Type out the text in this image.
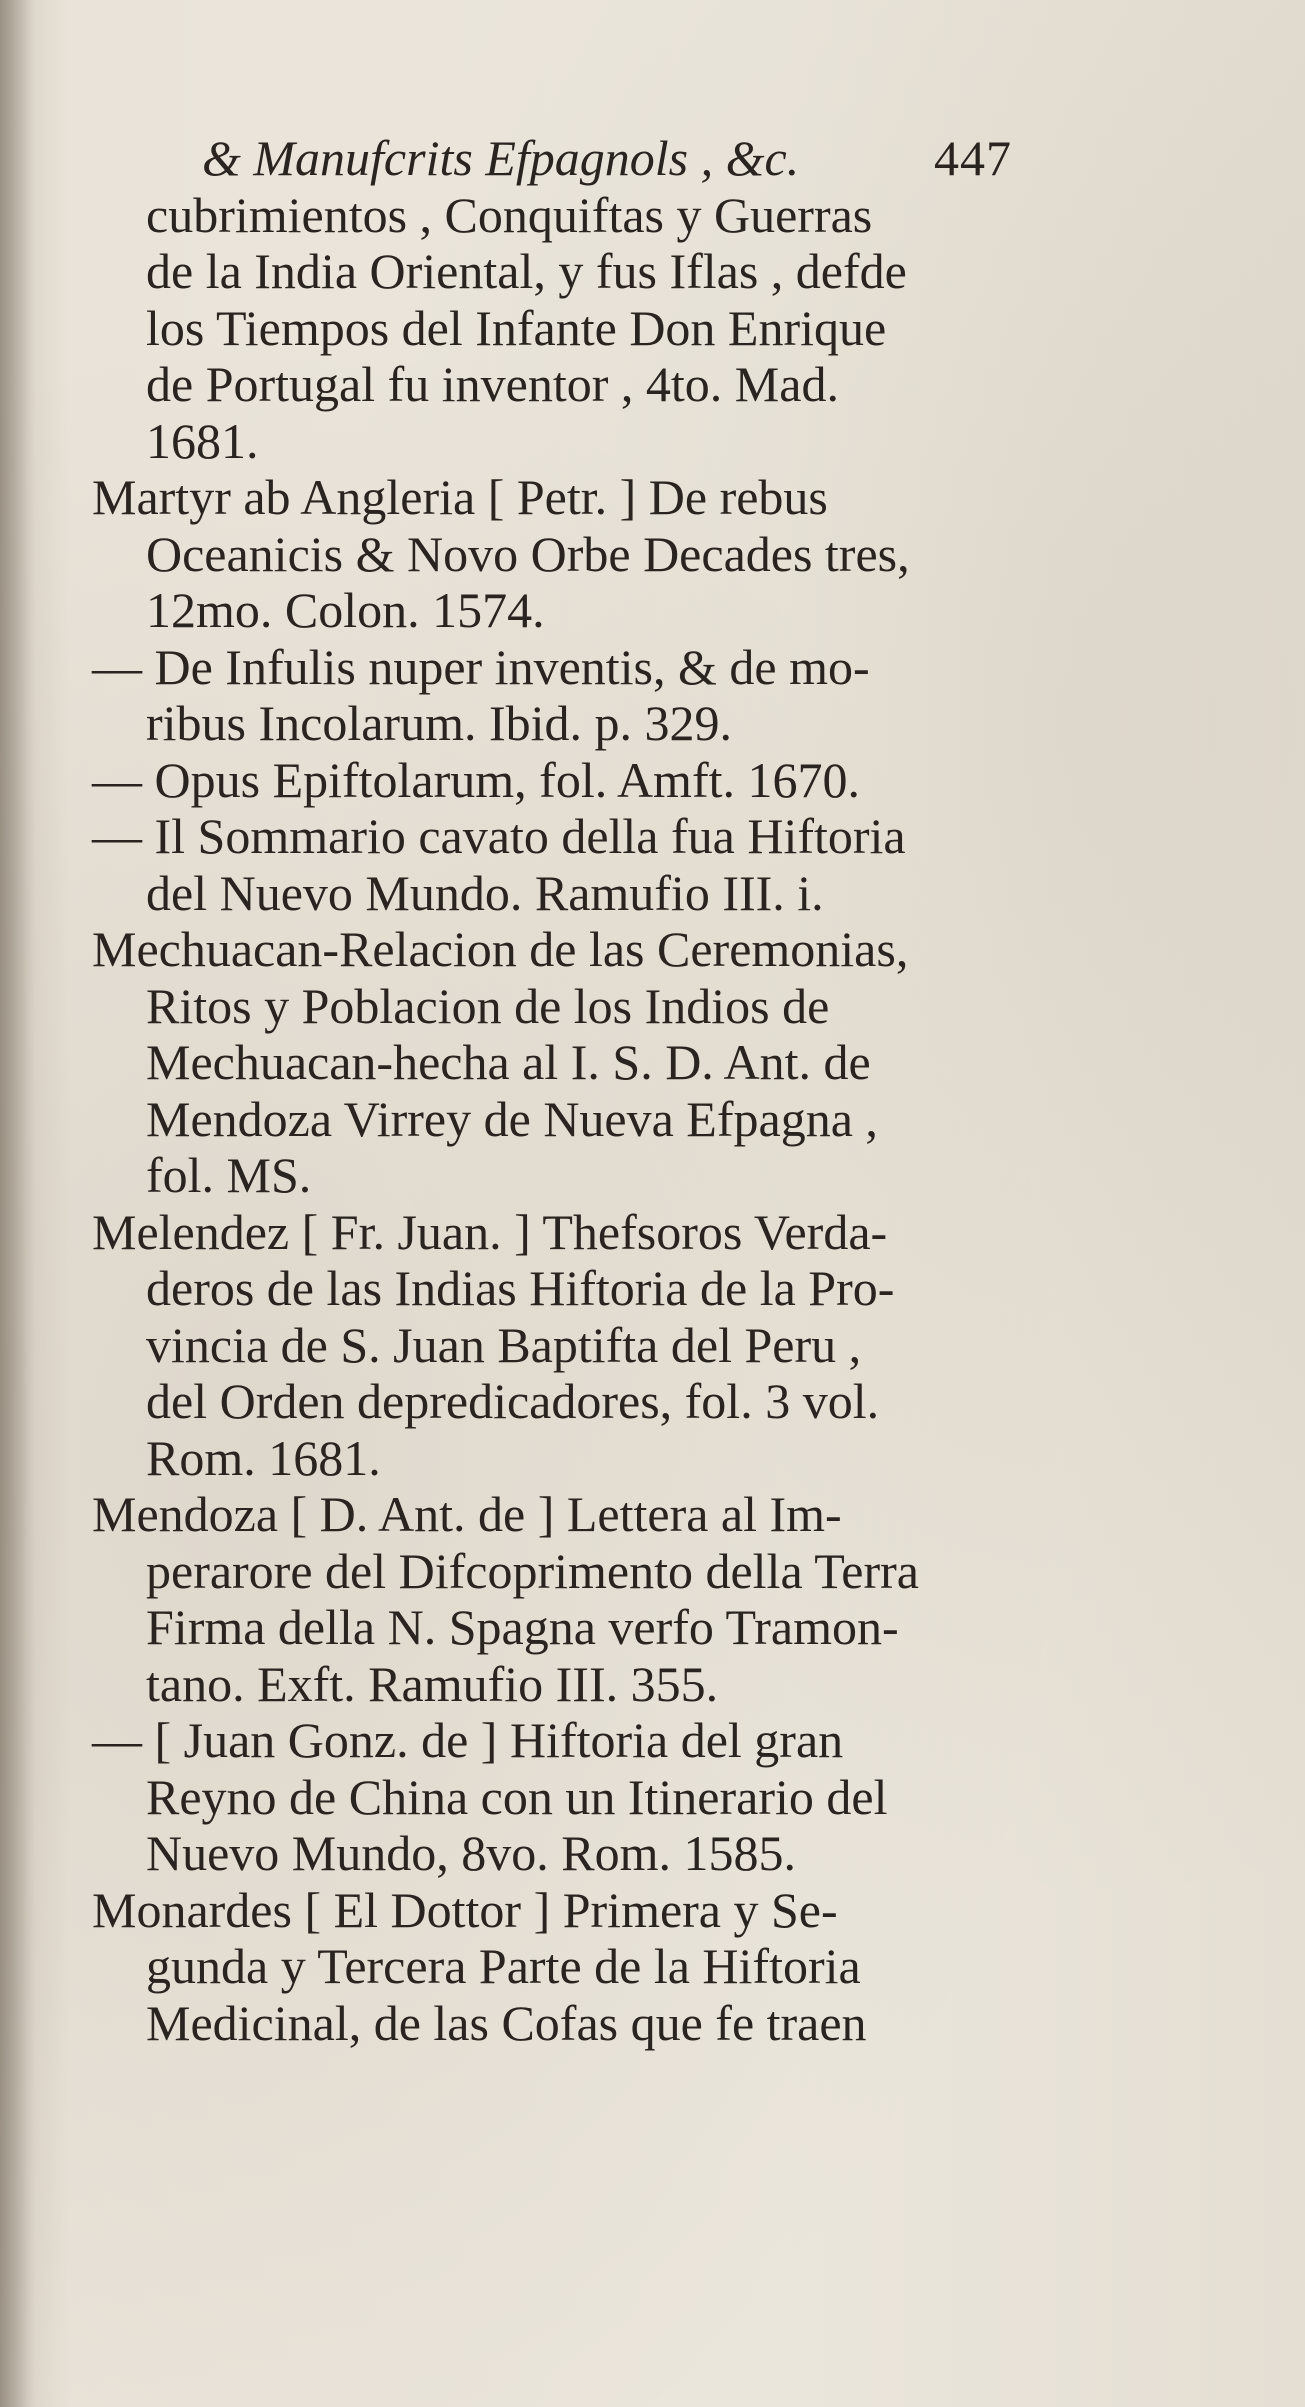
& Manufcrits Efpagnols , &c.	447
cubrimientos , Conquiftas y Guerras
de la India Oriental, y fus Iflas , defde
los Tiempos del Infante Don Enrique
de Portugal fu inventor , 4to. Mad.
1681.
Martyr ab Angleria [ Petr. ] De rebus
Oceanicis & Novo Orbe Decades tres,
12mo. Colon. 1574.
— De Infulis nuper inventis, & de mo-
ribus Incolarum. Ibid. p. 329.
— Opus Epiftolarum, fol. Amft. 1670.
— Il Sommario cavato della fua Hiftoria
del Nuevo Mundo. Ramufio III. i.
Mechuacan-Relacion de las Ceremonias,
Ritos y Poblacion de los Indios de
Mechuacan-hecha al I. S. D. Ant. de
Mendoza Virrey de Nueva Efpagna ,
fol. MS.
Melendez [ Fr. Juan. ] Thefsoros Verda-
deros de las Indias Hiftoria de la Pro-
vincia de S. Juan Baptifta del Peru ,
del Orden depredicadores, fol. 3 vol.
Rom. 1681.
Mendoza [ D. Ant. de ] Lettera al Im-
perarore del Difcoprimento della Terra
Firma della N. Spagna verfo Tramon-
tano. Exft. Ramufio III. 355.
— [ Juan Gonz. de ] Hiftoria del gran
Reyno de China con un Itinerario del
Nuevo Mundo, 8vo. Rom. 1585.
Monardes [ El Dottor ] Primera y Se-
gunda y Tercera Parte de la Hiftoria
Medicinal, de las Cofas que fe traen
